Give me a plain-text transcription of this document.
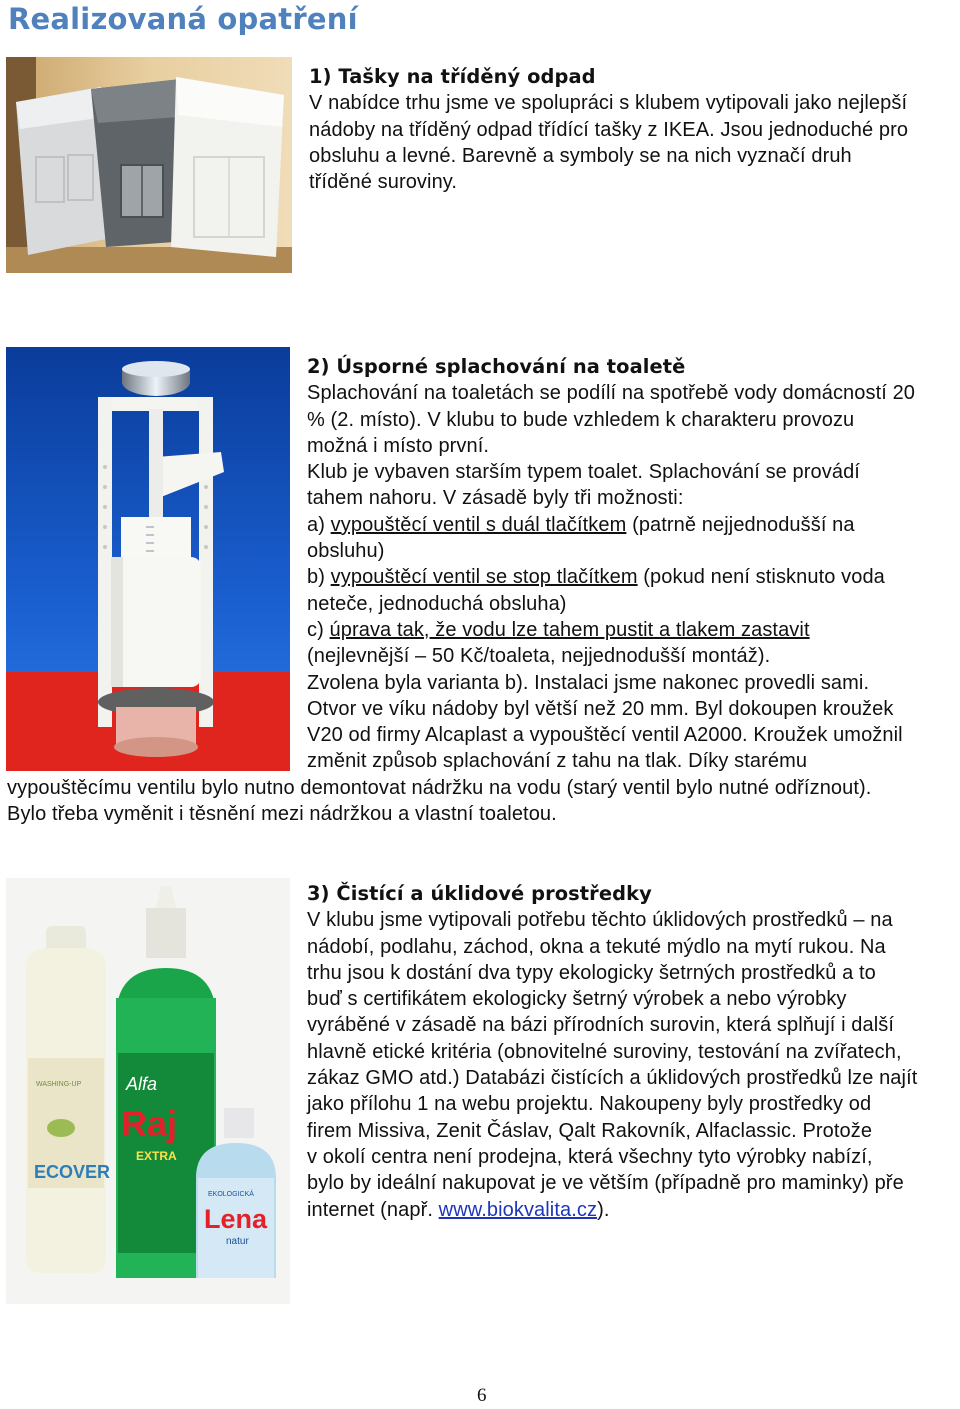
Realizovaná opatření
1) Tašky na tříděný odpad
V nabídce trhu jsme ve spolupráci s klubem vytipovali jako nejlepší
nádoby na tříděný odpad třídící tašky z IKEA. Jsou jednoduché pro
obsluhu a levné. Barevně a symboly se na nich vyznačí druh
tříděné suroviny.
2) Úsporné splachování na toaletě
Splachování na toaletách se podílí na spotřebě vody domácností 20
% (2. místo). V klubu to bude vzhledem k charakteru provozu
možná i místo první.
Klub je vybaven starším typem toalet. Splachování se provádí
tahem nahoru. V zásadě byly tři možnosti:
a) vypouštěcí ventil s duál tlačítkem (patrně nejjednodušší na
obsluhu)
b) vypouštěcí ventil se stop tlačítkem (pokud není stisknuto voda
neteče, jednoduchá obsluha)
c) úprava tak, že vodu lze tahem pustit a tlakem zastavit
(nejlevnější – 50 Kč/toaleta, nejjednodušší montáž).
Zvolena byla varianta b). Instalaci jsme nakonec provedli sami.
Otvor ve víku nádoby byl větší než 20 mm. Byl dokoupen kroužek
V20 od firmy Alcaplast a vypouštěcí ventil A2000. Kroužek umožnil
změnit způsob splachování z tahu na tlak. Díky starému
vypouštěcímu ventilu bylo nutno demontovat nádržku na vodu (starý ventil bylo nutné odříznout).
Bylo třeba vyměnit i těsnění mezi nádržkou a vlastní toaletou.
WASHING-UP
ECOVER
Alfa
Raj
EXTRA
EKOLOGICKÁ
Lena
natur
3) Čistící a úklidové prostředky
V klubu jsme vytipovali potřebu těchto úklidových prostředků – na
nádobí, podlahu, záchod, okna a tekuté mýdlo na mytí rukou. Na
trhu jsou k dostání dva typy ekologicky šetrných prostředků a to
buď s certifikátem ekologicky šetrný výrobek a nebo výrobky
vyráběné v zásadě na bázi přírodních surovin, která splňují i další
hlavně etické kritéria (obnovitelné suroviny, testování na zvířatech,
zákaz GMO atd.) Databázi čistících a úklidových prostředků lze najít
jako přílohu 1 na webu projektu. Nakoupeny byly prostředky od
firem Missiva, Zenit Čáslav, Qalt Rakovník, Alfaclassic. Protože
v okolí centra není prodejna, která všechny tyto výrobky nabízí,
bylo by ideální nakupovat je ve větším (případně pro maminky) pře
internet (např. www.biokvalita.cz).
6
